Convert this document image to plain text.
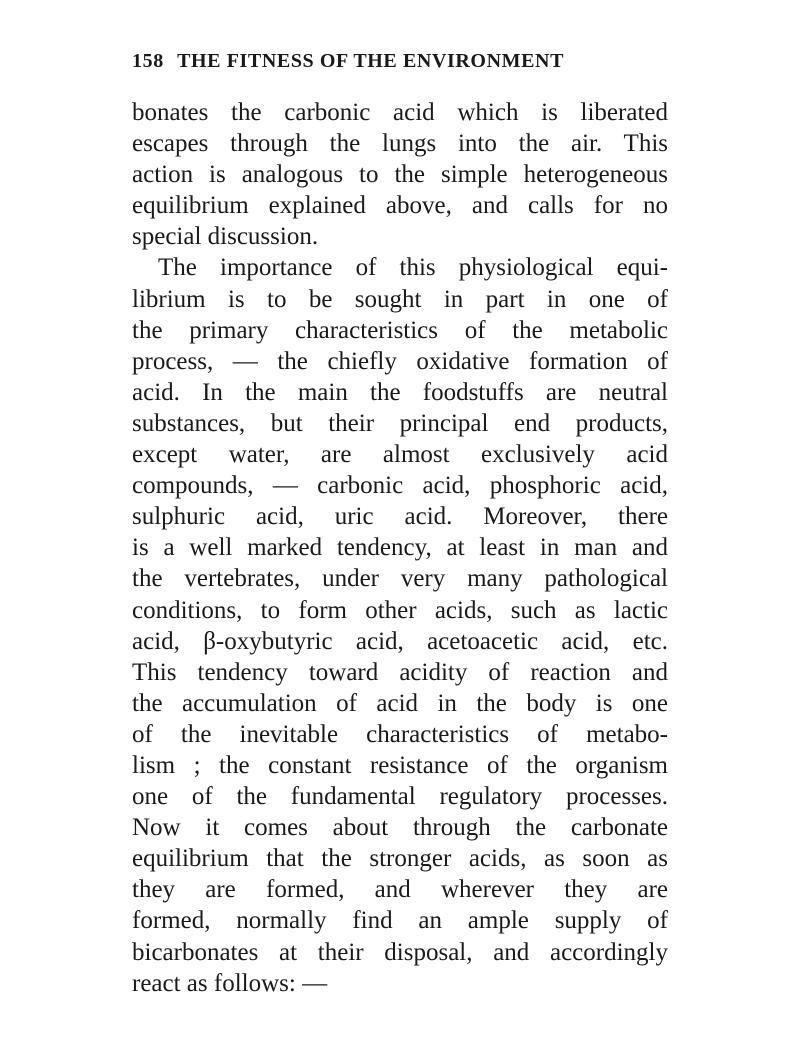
158 THE FITNESS OF THE ENVIRONMENT
bonates the carbonic acid which is liberated
escapes through the lungs into the air. This
action is analogous to the simple heterogeneous
equilibrium explained above, and calls for no
special discussion.
The importance of this physiological equi-
librium is to be sought in part in one of
the primary characteristics of the metabolic
process, — the chiefly oxidative formation of
acid. In the main the foodstuffs are neutral
substances, but their principal end products,
except water, are almost exclusively acid
compounds, — carbonic acid, phosphoric acid,
sulphuric acid, uric acid. Moreover, there
is a well marked tendency, at least in man and
the vertebrates, under very many pathological
conditions, to form other acids, such as lactic
acid, β-oxybutyric acid, acetoacetic acid, etc.
This tendency toward acidity of reaction and
the accumulation of acid in the body is one
of the inevitable characteristics of metabo-
lism ; the constant resistance of the organism
one of the fundamental regulatory processes.
Now it comes about through the carbonate
equilibrium that the stronger acids, as soon as
they are formed, and wherever they are
formed, normally find an ample supply of
bicarbonates at their disposal, and accordingly
react as follows: —
